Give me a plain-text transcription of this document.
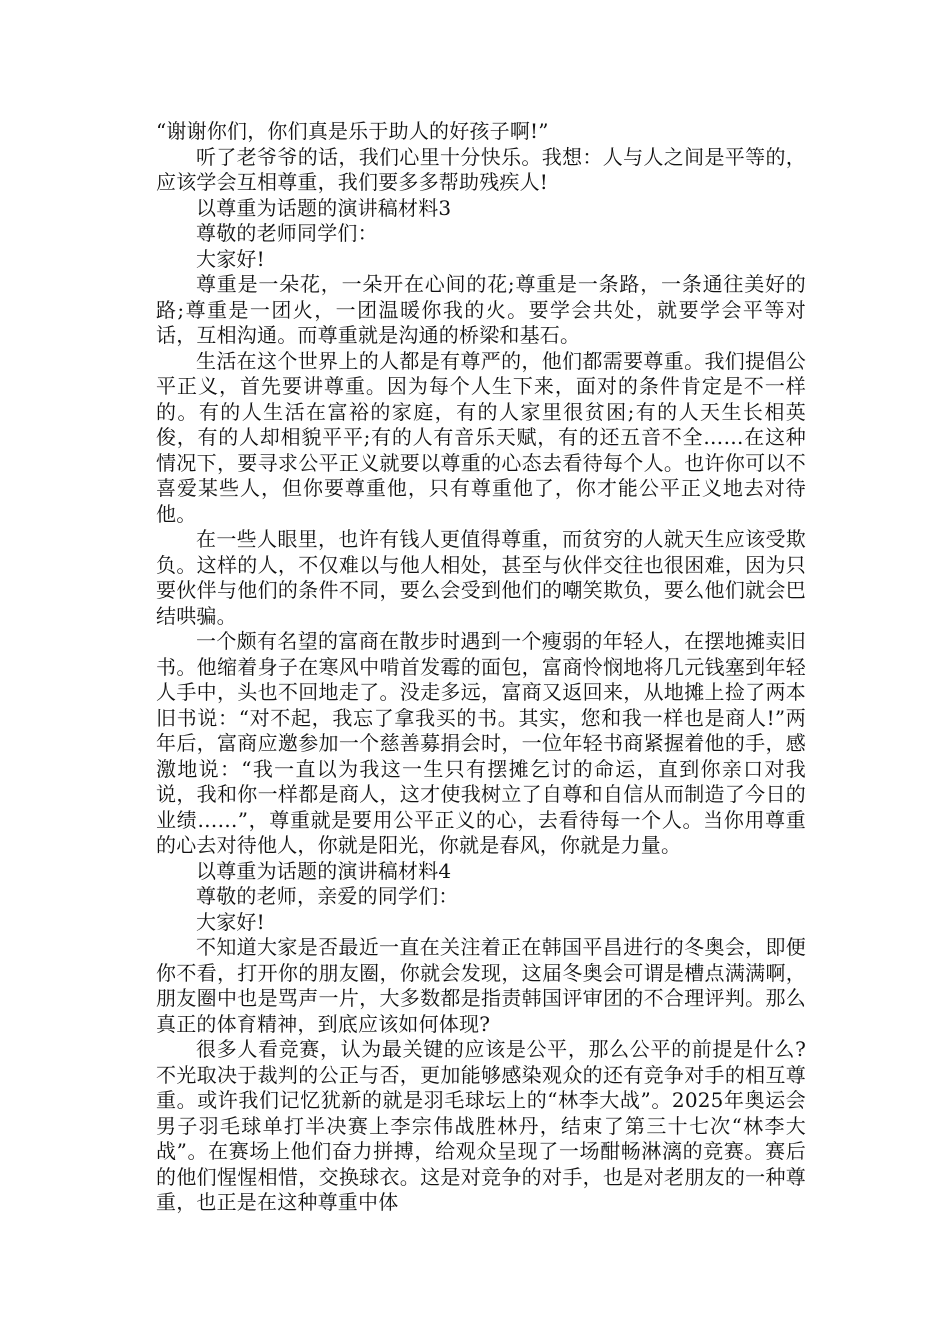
“谢谢你们，你们真是乐于助人的好孩子啊!”

听了老爷爷的话，我们心里十分快乐。我想：人与人之间是平等的，应该学会互相尊重，我们要多多帮助残疾人!

以尊重为话题的演讲稿材料3

尊敬的老师同学们：

大家好!

尊重是一朵花，一朵开在心间的花;尊重是一条路，一条通往美好的路;尊重是一团火，一团温暖你我的火。要学会共处，就要学会平等对话，互相沟通。而尊重就是沟通的桥梁和基石。

生活在这个世界上的人都是有尊严的，他们都需要尊重。我们提倡公平正义，首先要讲尊重。因为每个人生下来，面对的条件肯定是不一样的。有的人生活在富裕的家庭，有的人家里很贫困;有的人天生长相英俊，有的人却相貌平平;有的人有音乐天赋，有的还五音不全……在这种情况下，要寻求公平正义就要以尊重的心态去看待每个人。也许你可以不喜爱某些人，但你要尊重他，只有尊重他了，你才能公平正义地去对待他。

在一些人眼里，也许有钱人更值得尊重，而贫穷的人就天生应该受欺负。这样的人，不仅难以与他人相处，甚至与伙伴交往也很困难，因为只要伙伴与他们的条件不同，要么会受到他们的嘲笑欺负，要么他们就会巴结哄骗。

一个颇有名望的富商在散步时遇到一个瘦弱的年轻人，在摆地摊卖旧书。他缩着身子在寒风中啃首发霉的面包，富商怜悯地将几元钱塞到年轻人手中，头也不回地走了。没走多远，富商又返回来，从地摊上捡了两本旧书说：“对不起，我忘了拿我买的书。其实，您和我一样也是商人!”两年后，富商应邀参加一个慈善募捐会时，一位年轻书商紧握着他的手，感激地说：“我一直以为我这一生只有摆摊乞讨的命运，直到你亲口对我说，我和你一样都是商人，这才使我树立了自尊和自信从而制造了今日的业绩……”，尊重就是要用公平正义的心，去看待每一个人。当你用尊重的心去对待他人，你就是阳光，你就是春风，你就是力量。

以尊重为话题的演讲稿材料4

尊敬的老师，亲爱的同学们：

大家好!

不知道大家是否最近一直在关注着正在韩国平昌进行的冬奥会，即便你不看，打开你的朋友圈，你就会发现，这届冬奥会可谓是槽点满满啊，朋友圈中也是骂声一片，大多数都是指责韩国评审团的不合理评判。那么真正的体育精神，到底应该如何体现?

很多人看竞赛，认为最关键的应该是公平，那么公平的前提是什么?不光取决于裁判的公正与否，更加能够感染观众的还有竞争对手的相互尊重。或许我们记忆犹新的就是羽毛球坛上的“林李大战”。2025年奥运会男子羽毛球单打半决赛上李宗伟战胜林丹，结束了第三十七次“林李大战”。在赛场上他们奋力拼搏，给观众呈现了一场酣畅淋漓的竞赛。赛后的他们惺惺相惜，交换球衣。这是对竞争的对手，也是对老朋友的一种尊重，也正是在这种尊重中体
